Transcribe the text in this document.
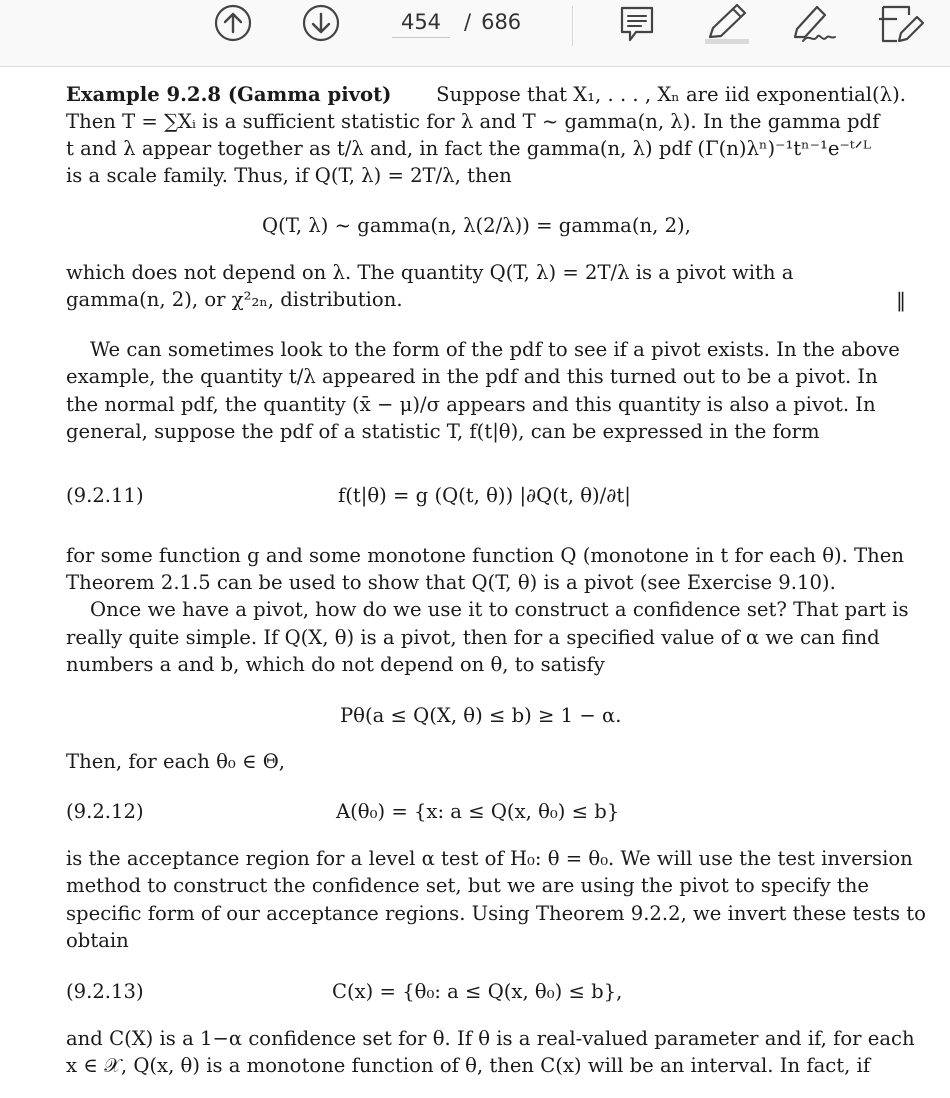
454
/ 686
Example 9.2.8 (Gamma pivot) Suppose that X₁, . . . , Xₙ are iid exponential(λ).
Then T = ∑Xᵢ is a sufficient statistic for λ and T ~ gamma(n, λ). In the gamma pdf
t and λ appear together as t/λ and, in fact the gamma(n, λ) pdf (Γ(n)λⁿ)⁻¹tⁿ⁻¹e⁻ᵗᐟᴸ
is a scale family. Thus, if Q(T, λ) = 2T/λ, then
Q(T, λ) ~ gamma(n, λ(2/λ)) = gamma(n, 2),
which does not depend on λ. The quantity Q(T, λ) = 2T/λ is a pivot with a
gamma(n, 2), or χ²₂ₙ, distribution.	‖
We can sometimes look to the form of the pdf to see if a pivot exists. In the above
example, the quantity t/λ appeared in the pdf and this turned out to be a pivot. In
the normal pdf, the quantity (x̄ − μ)/σ appears and this quantity is also a pivot. In
general, suppose the pdf of a statistic T, f(t|θ), can be expressed in the form
(9.2.11)	f(t|θ) = g (Q(t, θ)) |∂Q(t, θ)/∂t|
for some function g and some monotone function Q (monotone in t for each θ). Then
Theorem 2.1.5 can be used to show that Q(T, θ) is a pivot (see Exercise 9.10).
Once we have a pivot, how do we use it to construct a confidence set? That part is
really quite simple. If Q(X, θ) is a pivot, then for a specified value of α we can find
numbers a and b, which do not depend on θ, to satisfy
Pθ(a ≤ Q(X, θ) ≤ b) ≥ 1 − α.
Then, for each θ₀ ∈ Θ,
(9.2.12)	A(θ₀) = {x: a ≤ Q(x, θ₀) ≤ b}
is the acceptance region for a level α test of H₀: θ = θ₀. We will use the test inversion
method to construct the confidence set, but we are using the pivot to specify the
specific form of our acceptance regions. Using Theorem 9.2.2, we invert these tests to
obtain
(9.2.13)	C(x) = {θ₀: a ≤ Q(x, θ₀) ≤ b},
and C(X) is a 1−α confidence set for θ. If θ is a real-valued parameter and if, for each
x ∈ 𝒳, Q(x, θ) is a monotone function of θ, then C(x) will be an interval. In fact, if
